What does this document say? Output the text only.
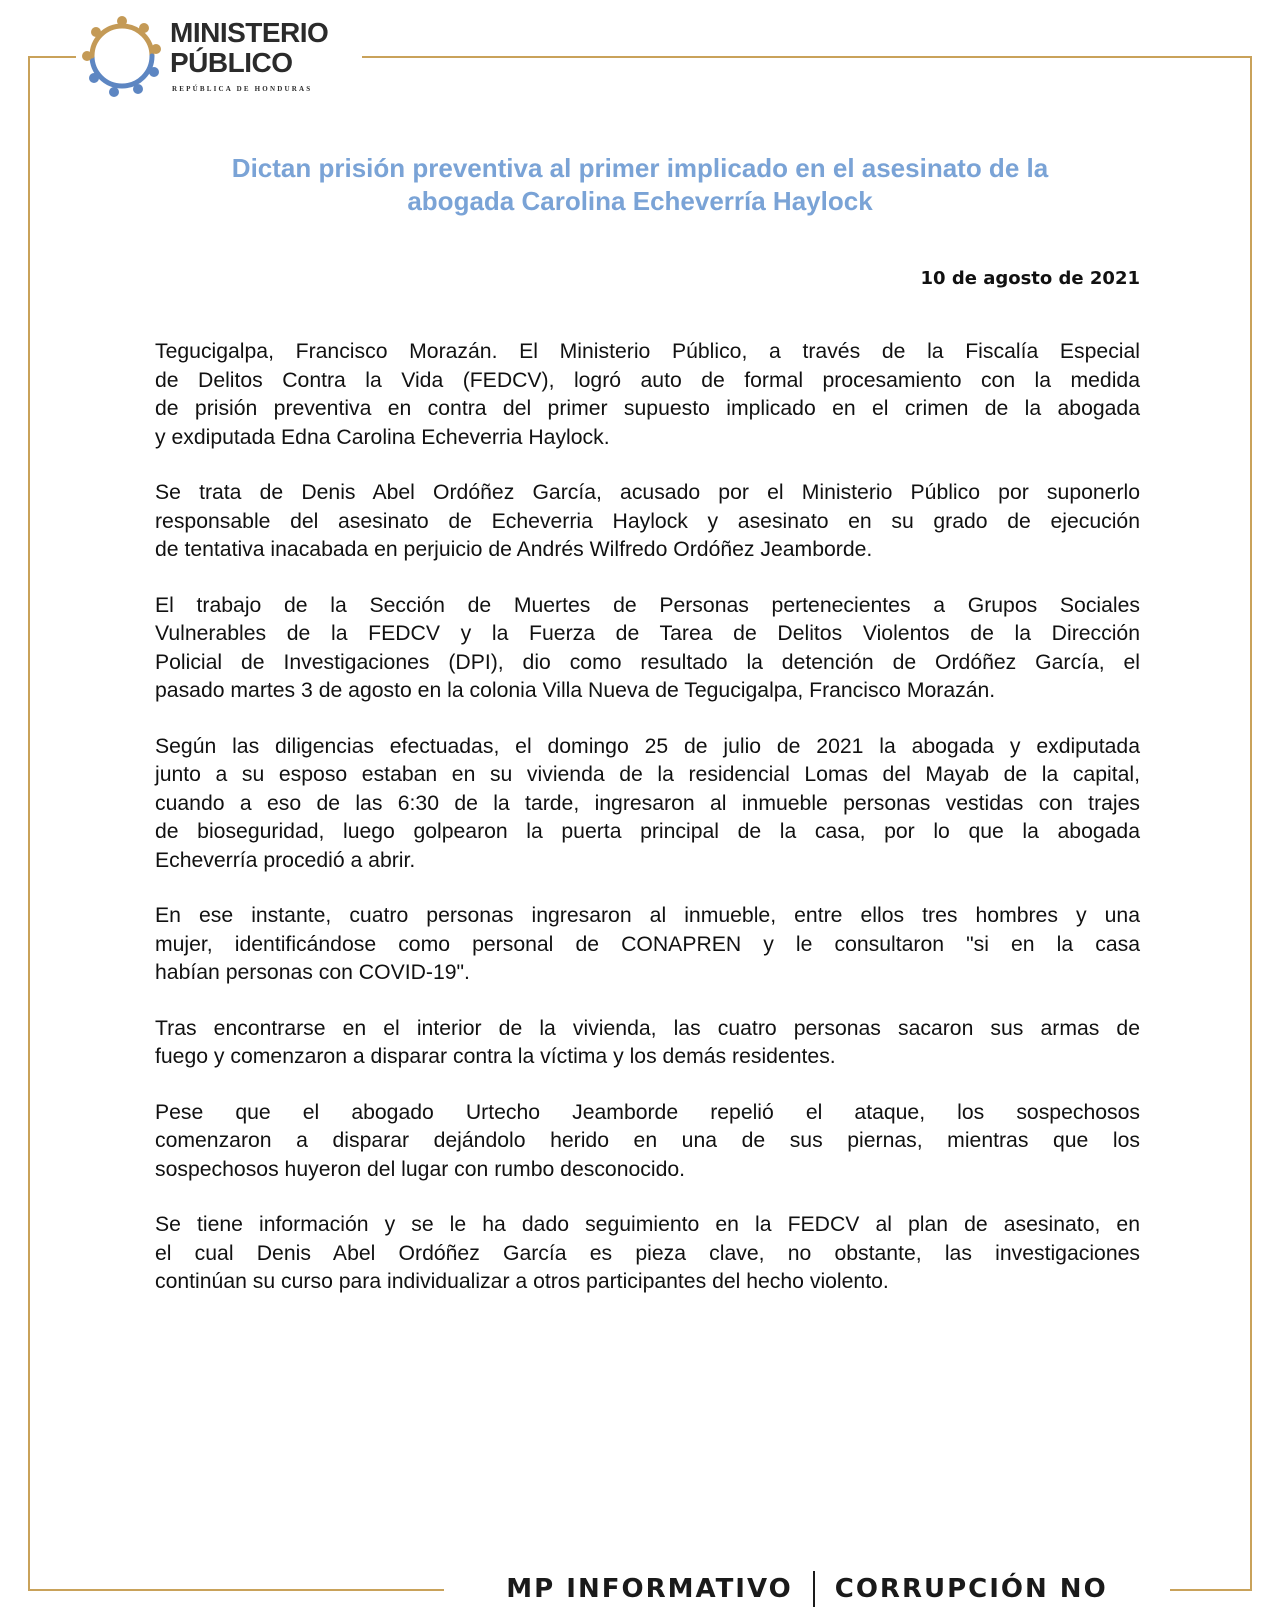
MINISTERIO
PÚBLICO
REPÚBLICA DE HONDURAS
Dictan prisión preventiva al primer implicado en el asesinato de la
abogada Carolina Echeverría Haylock
10 de agosto de 2021

Tegucigalpa, Francisco Morazán. El Ministerio Público, a través de la Fiscalía Especial
de Delitos Contra la Vida (FEDCV), logró auto de formal procesamiento con la medida
de prisión preventiva en contra del primer supuesto implicado en el crimen de la abogada
y exdiputada Edna Carolina Echeverria Haylock.

Se trata de Denis Abel Ordóñez García, acusado por el Ministerio Público por suponerlo
responsable del asesinato de Echeverria Haylock y asesinato en su grado de ejecución
de tentativa inacabada en perjuicio de Andrés Wilfredo Ordóñez Jeamborde.

El trabajo de la Sección de Muertes de Personas pertenecientes a Grupos Sociales
Vulnerables de la FEDCV y la Fuerza de Tarea de Delitos Violentos de la Dirección
Policial de Investigaciones (DPI), dio como resultado la detención de Ordóñez García, el
pasado martes 3 de agosto en la colonia Villa Nueva de Tegucigalpa, Francisco Morazán.

Según las diligencias efectuadas, el domingo 25 de julio de 2021 la abogada y exdiputada
junto a su esposo estaban en su vivienda de la residencial Lomas del Mayab de la capital,
cuando a eso de las 6:30 de la tarde, ingresaron al inmueble personas vestidas con trajes
de bioseguridad, luego golpearon la puerta principal de la casa, por lo que la abogada
Echeverría procedió a abrir.

En ese instante, cuatro personas ingresaron al inmueble, entre ellos tres hombres y una
mujer, identificándose como personal de CONAPREN y le consultaron "si en la casa
habían personas con COVID-19".

Tras encontrarse en el interior de la vivienda, las cuatro personas sacaron sus armas de
fuego y comenzaron a disparar contra la víctima y los demás residentes.

Pese que el abogado Urtecho Jeamborde repelió el ataque, los sospechosos
comenzaron a disparar dejándolo herido en una de sus piernas, mientras que los
sospechosos huyeron del lugar con rumbo desconocido.

Se tiene información y se le ha dado seguimiento en la FEDCV al plan de asesinato, en
el cual Denis Abel Ordóñez García es pieza clave, no obstante, las investigaciones
continúan su curso para individualizar a otros participantes del hecho violento.

MP INFORMATIVO CORRUPCIÓN NO
